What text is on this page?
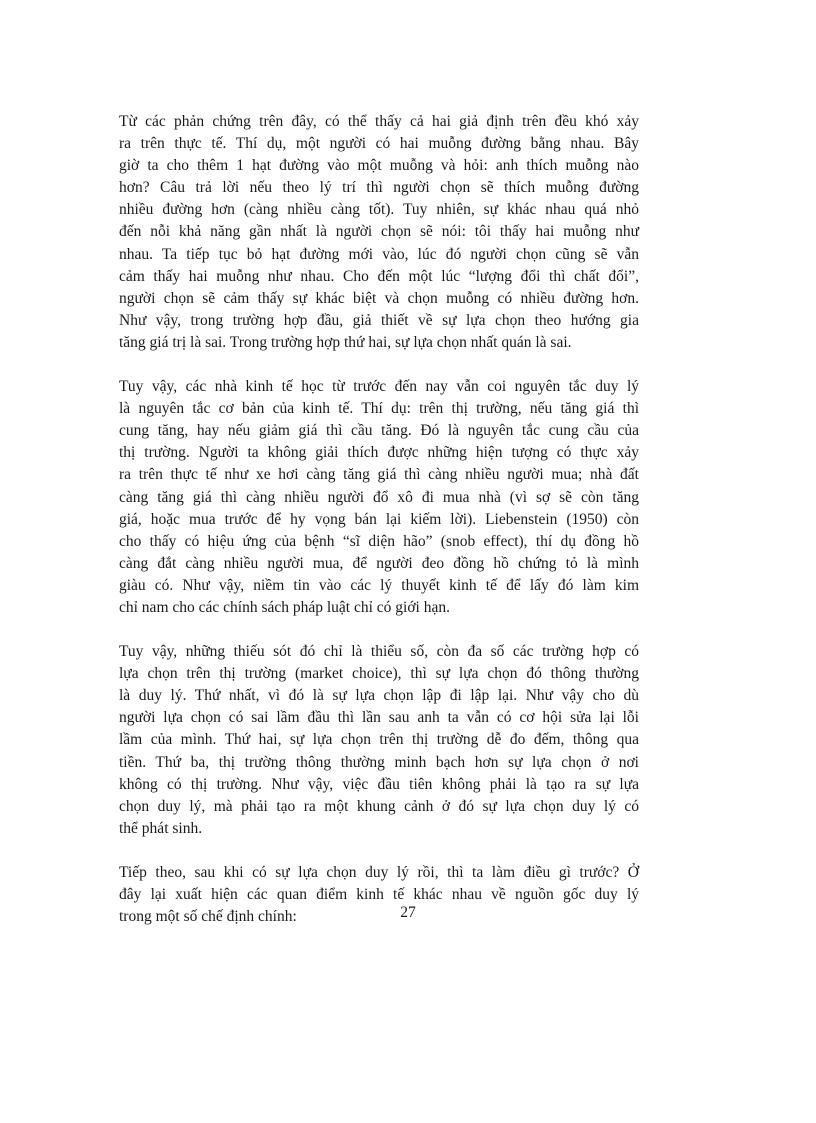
Từ các phản chứng trên đây, có thể thấy cả hai giả định trên đều khó xảy
ra trên thực tế. Thí dụ, một người có hai muỗng đường bằng nhau. Bây
giờ ta cho thêm 1 hạt đường vào một muỗng và hỏi: anh thích muỗng nào
hơn? Câu trả lời nếu theo lý trí thì người chọn sẽ thích muỗng đường
nhiều đường hơn (càng nhiều càng tốt). Tuy nhiên, sự khác nhau quá nhỏ
đến nỗi khả năng gần nhất là người chọn sẽ nói: tôi thấy hai muỗng như
nhau. Ta tiếp tục bỏ hạt đường mới vào, lúc đó người chọn cũng sẽ vẫn
cảm thấy hai muỗng như nhau. Cho đến một lúc “lượng đổi thì chất đổi”,
người chọn sẽ cảm thấy sự khác biệt và chọn muỗng có nhiều đường hơn.
Như vậy, trong trường hợp đầu, giả thiết về sự lựa chọn theo hướng gia
tăng giá trị là sai. Trong trường hợp thứ hai, sự lựa chọn nhất quán là sai.
Tuy vậy, các nhà kinh tế học từ trước đến nay vẫn coi nguyên tắc duy lý
là nguyên tắc cơ bản của kinh tế. Thí dụ: trên thị trường, nếu tăng giá thì
cung tăng, hay nếu giảm giá thì cầu tăng. Đó là nguyên tắc cung cầu của
thị trường. Người ta không giải thích được những hiện tượng có thực xảy
ra trên thực tế như xe hơi càng tăng giá thì càng nhiều người mua; nhà đất
càng tăng giá thì càng nhiều người đổ xô đi mua nhà (vì sợ sẽ còn tăng
giá, hoặc mua trước để hy vọng bán lại kiếm lời). Liebenstein (1950) còn
cho thấy có hiệu ứng của bệnh “sĩ diện hão” (snob effect), thí dụ đồng hồ
càng đắt càng nhiều người mua, để người đeo đồng hồ chứng tỏ là mình
giàu có. Như vậy, niềm tin vào các lý thuyết kinh tế để lấy đó làm kim
chỉ nam cho các chính sách pháp luật chỉ có giới hạn.
Tuy vậy, những thiếu sót đó chỉ là thiểu số, còn đa số các trường hợp có
lựa chọn trên thị trường (market choice), thì sự lựa chọn đó thông thường
là duy lý. Thứ nhất, vì đó là sự lựa chọn lập đi lập lại. Như vậy cho dù
người lựa chọn có sai lầm đầu thì lần sau anh ta vẫn có cơ hội sửa lại lỗi
lầm của mình. Thứ hai, sự lựa chọn trên thị trường dễ đo đếm, thông qua
tiền. Thứ ba, thị trường thông thường minh bạch hơn sự lựa chọn ở nơi
không có thị trường. Như vậy, việc đầu tiên không phải là tạo ra sự lựa
chọn duy lý, mà phải tạo ra một khung cảnh ở đó sự lựa chọn duy lý có
thể phát sinh.
Tiếp theo, sau khi có sự lựa chọn duy lý rồi, thì ta làm điều gì trước? Ở
đây lại xuất hiện các quan điểm kinh tế khác nhau về nguồn gốc duy lý
trong một số chế định chính:	27
